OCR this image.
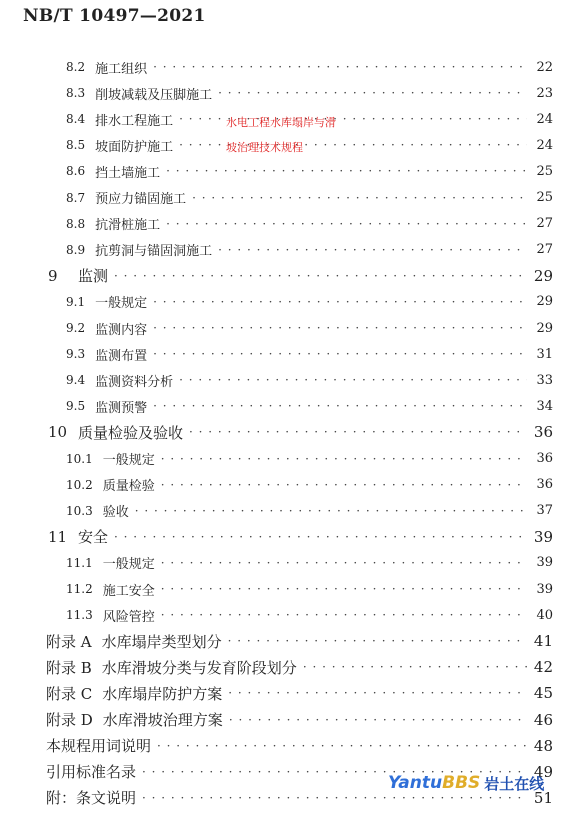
NB/T 10497—2021
8.2 施工组织 · · ·	22
8.3 削坡减载及压脚施工 · · ·	23
8.4 排水工程施工 · · ·	24
8.5 坡面防护施工 · · ·	24
8.6 挡土墙施工 · · ·	25
8.7 预应力锚固施工 · · ·	25
8.8 抗滑桩施工 · · ·	27
8.9 抗剪洞与锚固洞施工 · · ·	27
9	监测 · · ·	29
9.1 一般规定 · · ·	29
9.2 监测内容 · · ·	29
9.3 监测布置 · · ·	31
9.4 监测资料分析 · · ·	33
9.5 监测预警 · · ·	34
10 质量检验及验收 · · ·	36
10.1 一般规定 · · ·	36
10.2 质量检验 · · ·	36
10.3 验收 · · ·	37
11 安全 · · ·	39
11.1 一般规定 · · ·	39
11.2 施工安全 · · ·	39
11.3 风险管控 · · ·	40
附录 A 水库塌岸类型划分 · · ·	41
附录 B 水库滑坡分类与发育阶段划分 · · ·	42
附录 C 水库塌岸防护方案 · · ·	45
附录 D 水库滑坡治理方案 · · ·	46
本规程用词说明 · · ·	48
引用标准名录 · · ·	49
附：条文说明 · · ·	51
水电工程水库塌岸与滑
坡治理技术规程
Yantu BBS 岩土在线
